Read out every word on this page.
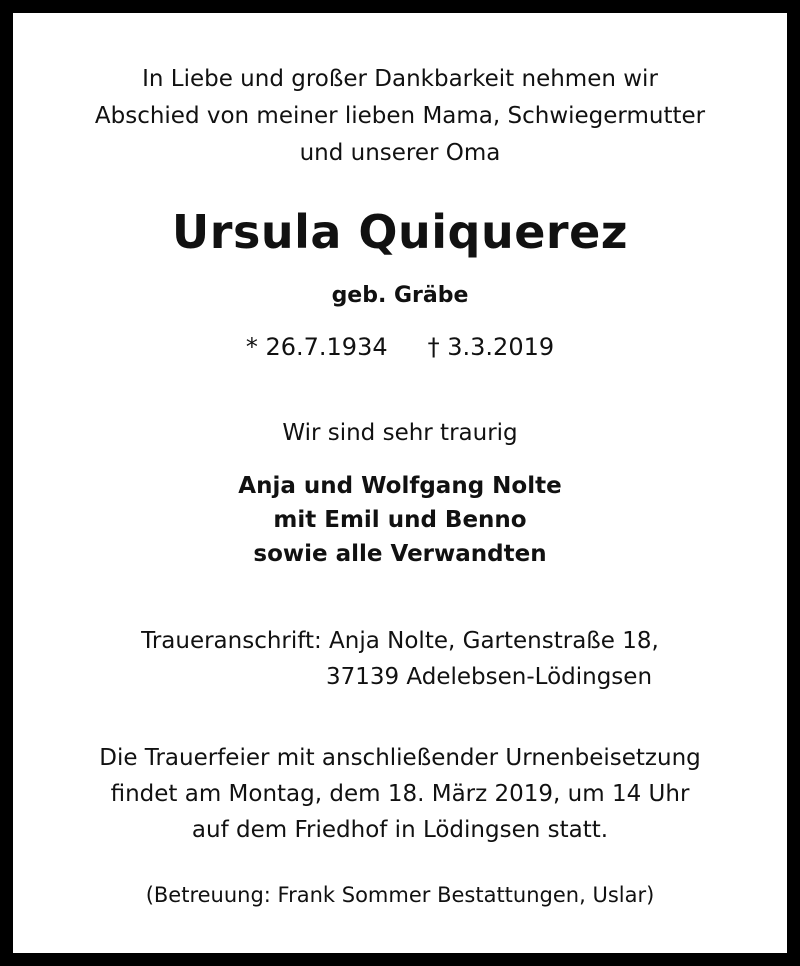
In Liebe und großer Dankbarkeit nehmen wir
Abschied von meiner lieben Mama, Schwiegermutter
und unserer Oma
Ursula Quiquerez
geb. Gräbe
* 26.7.1934 † 3.3.2019
Wir sind sehr traurig
Anja und Wolfgang Nolte
mit Emil und Benno
sowie alle Verwandten
Traueranschrift: Anja Nolte, Gartenstraße 18,
37139 Adelebsen-Lödingsen
Die Trauerfeier mit anschließender Urnenbeisetzung
findet am Montag, dem 18. März 2019, um 14 Uhr
auf dem Friedhof in Lödingsen statt.
(Betreuung: Frank Sommer Bestattungen, Uslar)
